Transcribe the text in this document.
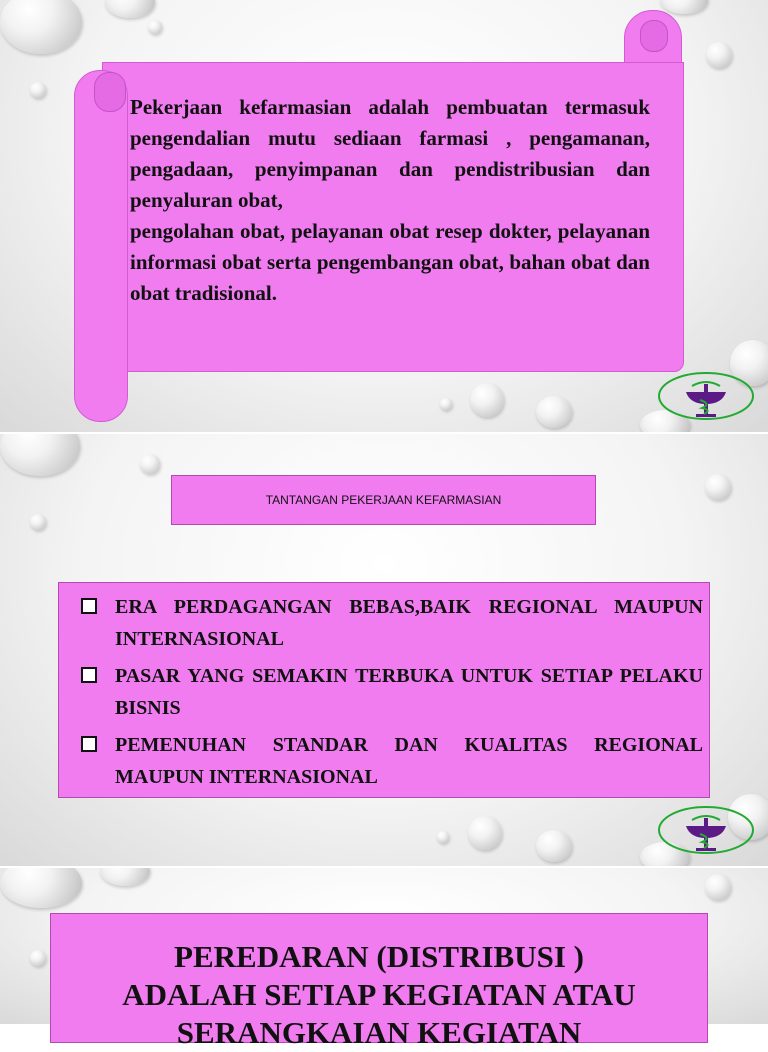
Pekerjaan kefarmasian adalah pembuatan termasuk pengendalian mutu sediaan farmasi , pengamanan, pengadaan, penyimpanan dan pendistribusian dan penyaluran obat,

pengolahan obat, pelayanan obat resep dokter, pelayanan informasi obat serta pengembangan obat, bahan obat dan obat tradisional.

TANTANGAN PEKERJAAN KEFARMASIAN
ERA PERDAGANGAN BEBAS,BAIK REGIONAL MAUPUN INTERNASIONAL
PASAR YANG SEMAKIN TERBUKA UNTUK SETIAP PELAKU BISNIS
PEMENUHAN STANDAR DAN KUALITAS REGIONAL MAUPUN INTERNASIONAL
PEREDARAN (DISTRIBUSI )
ADALAH SETIAP KEGIATAN ATAU
SERANGKAIAN KEGIATAN
